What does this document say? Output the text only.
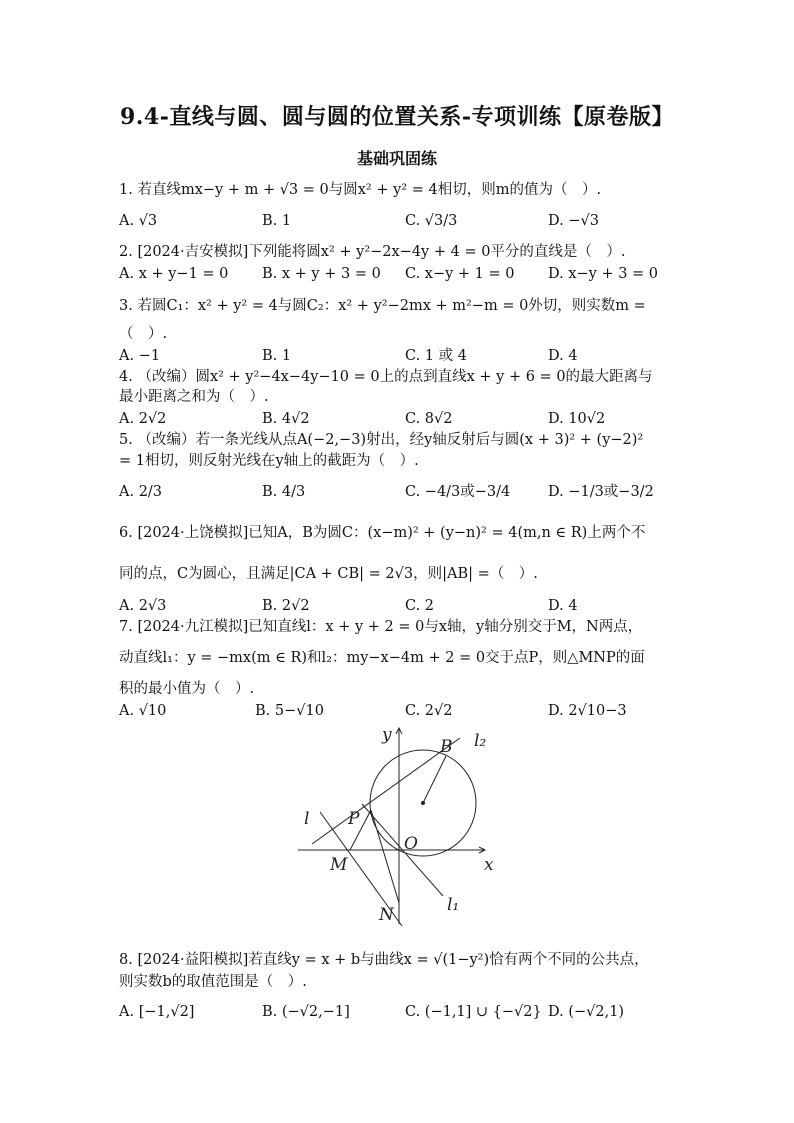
9.4-直线与圆、圆与圆的位置关系-专项训练【原卷版】
基础巩固练
1. 若直线mx−y + m + √3 = 0与圆x² + y² = 4相切，则m的值为（　）.
A. √3	B. 1	C. √3/3	D. −√3
2. [2024·吉安模拟]下列能将圆x² + y²−2x−4y + 4 = 0平分的直线是（　）.
A. x + y−1 = 0 B. x + y + 3 = 0 C. x−y + 1 = 0 D. x−y + 3 = 0
3. 若圆C₁：x² + y² = 4与圆C₂：x² + y²−2mx + m²−m = 0外切，则实数m =
（　）.
A. −1	B. 1	C. 1 或 4	D. 4
4. （改编）圆x² + y²−4x−4y−10 = 0上的点到直线x + y + 6 = 0的最大距离与
最小距离之和为（　）.
A. 2√2	B. 4√2	C. 8√2	D. 10√2
5. （改编）若一条光线从点A(−2,−3)射出，经y轴反射后与圆(x + 3)² + (y−2)²
= 1相切，则反射光线在y轴上的截距为（　）.
A. 2/3	B. 4/3	C. −4/3或−3/4	D. −1/3或−3/2
6. [2024·上饶模拟]已知A，B为圆C：(x−m)² + (y−n)² = 4(m,n ∈ R)上两个不
同的点，C为圆心，且满足|CA + CB| = 2√3，则|AB| =（　）.
A. 2√3	B. 2√2	C. 2	D. 4
7. [2024·九江模拟]已知直线l：x + y + 2 = 0与x轴，y轴分别交于M，N两点，
动直线l₁：y = −mx(m ∈ R)和l₂：my−x−4m + 2 = 0交于点P，则△MNP的面
积的最小值为（　）.
A. √10	B. 5−√10	C. 2√2	D. 2√10−3
y
x
B l₂
l P
O
M
N	l₁
8. [2024·益阳模拟]若直线y = x + b与曲线x = √(1−y²)恰有两个不同的公共点，
则实数b的取值范围是（　）.
A. [−1,√2]	B. (−√2,−1]	C. (−1,1] ∪ {−√2} D. (−√2,1)
